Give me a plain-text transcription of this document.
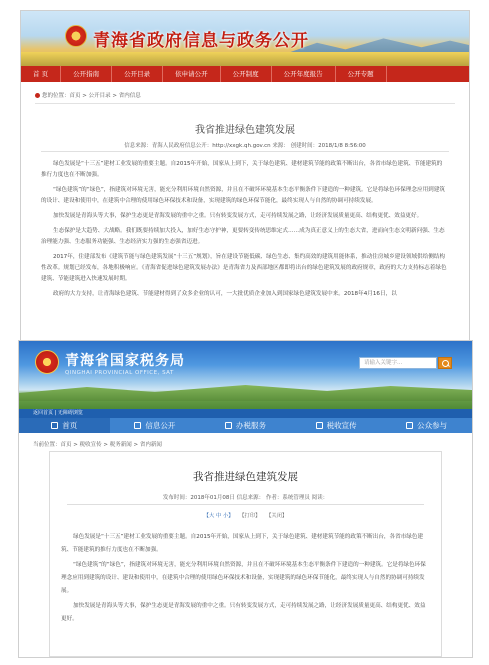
青海省政府信息与政务公开
首 页	公开指南	公开目录	依申请公开	公开制度	公开年度报告	公开专题
您的位置：首页 > 公开目录 > 省内信息
我省推进绿色建筑发展
信息来源：青海人民政府信息公开：http://xxgk.qh.gov.cn 来源： 创建时间：2018/1/8 8:56:00

绿色发展是“十三五”建材工业发展的重要主题。自2015年开始，国家从上到下，关于绿色建筑、建材建筑节能的政策不断出台，各省市绿色建筑、节能建筑的推行力度也在不断加强。

“绿色建筑”的“绿色”，指建筑对环境无害，能充分利用环境自然资源，并且在不破坏环境基本生态平衡条件下建造的一种建筑。它是将绿色环保理念应用到建筑的设计、建设和使用中，在建筑中合理的使用绿色环保技术和设备，实现建筑的绿色环保节能化，最终实现人与自然的协调可持续发展。

加快发展是青海头等大事，保护生态更是青海发展的重中之重。只有转变发展方式，走可持续发展之路，让经济发展质量更高、结构更优、效益更好。

生态保护是大趋势、大战略。我们既要持续加大投入，加好生态守护神，更要转变传统思维定式……成为真正意义上的生态大省，进而向生态文明新问强、生态治理能力强、生态服务功能强、生态经济实力强的生态强省迈进。

2017年，住建部发布《建筑节能与绿色建筑发展“十三五”规划》，旨在建设节能低碳、绿色生态、集约高效的建筑用能体系，推动住房城乡建设领域供给侧结构性改革。规划已经发布，各地积极响应。《青海省促进绿色建筑发展办法》是青海省力及西部地区都即将出台的绿色建筑发展的政府规章，政府的大力支持标志着绿色建筑、节能建筑进入快速发展时期。

政府的大力支持，让青海绿色建筑、节能建材得到了众多企业的认可，一大批优质企业加入到国家绿色建筑发展中来。2018年4月16日，以

青海省国家税务局
QINGHAI PROVINCIAL OFFICE, SAT
请输入关键字...
返回首页 | 无障碍浏览
首页	信息公开	办税服务	税收宣传	公众参与
当前位置：首页 > 税收宣传 > 税务新闻 > 省内新闻
我省推进绿色建筑发展
发布时间：2018年01月08日 信息来源： 作者：系统管理员 阅读：
【大 中 小】 【打印】 【关闭】

绿色发展是“十三五”建材工业发展的重要主题。自2015年开始，国家从上到下，关于绿色建筑、建材建筑节能的政策不断出台，各省市绿色建筑、节能建筑的推行力度也在不断加强。

“绿色建筑”的“绿色”，指建筑对环境无害，能充分利用环境自然资源，并且在不破坏环境基本生态平衡条件下建造的一种建筑。它是将绿色环保理念应用到建筑的设计、建设和使用中，在建筑中合理的使用绿色环保技术和设备，实现建筑的绿色环保节能化，最终实现人与自然的协调可持续发展。

加快发展是青海头等大事，保护生态更是青海发展的重中之重。只有转变发展方式，走可持续发展之路，让经济发展质量更高、结构更优、效益更好。
